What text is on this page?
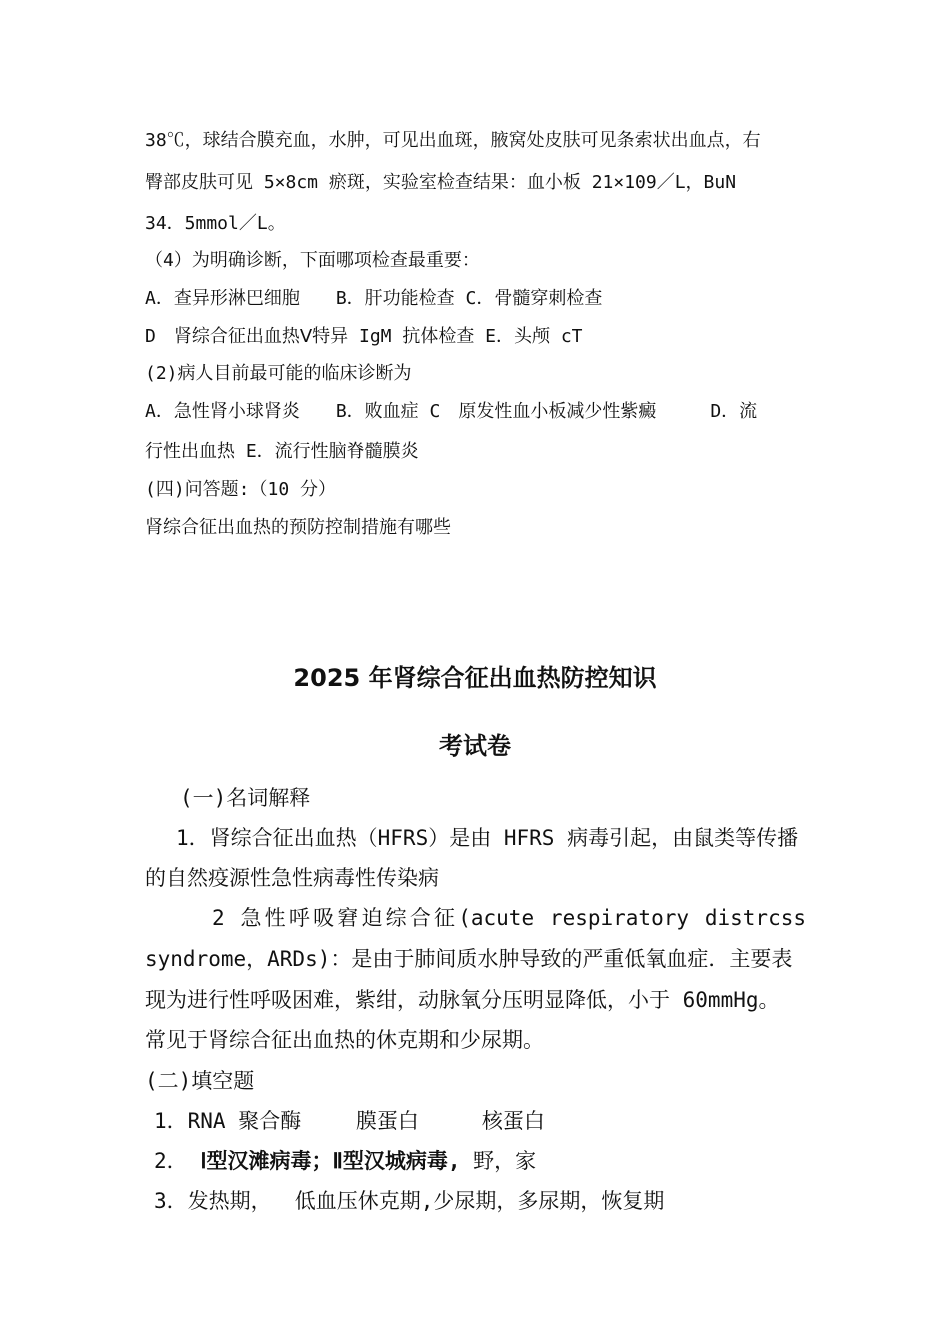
38℃，球结合膜充血，水肿，可见出血斑，腋窝处皮肤可见条索状出血点，右
臀部皮肤可见 5×8cm 瘀斑，实验室检查结果：血小板 21×109／L，BuN
34．5mmol／L。
（4）为明确诊断，下面哪项检查最重要：
A．查异形淋巴细胞　　B．肝功能检查 C．骨髓穿刺检查
D　肾综合征出血热Ⅴ特异 IgM 抗体检查 E．头颅 cT
(2)病人目前最可能的临床诊断为
A．急性肾小球肾炎　　B．败血症 C　原发性血小板减少性紫癜　　　D．流
行性出血热 E．流行性脑脊髓膜炎
(四)问答题:（10 分）
肾综合征出血热的预防控制措施有哪些
2025 年肾综合征出血热防控知识
考试卷
(一)名词解释
1．肾综合征出血热（HFRS）是由 HFRS 病毒引起，由鼠类等传播
的自然疫源性急性病毒性传染病
2 急性呼吸窘迫综合征(acute respiratory distrcss
syndrome，ARDs)：是由于肺间质水肿导致的严重低氧血症．主要表
现为进行性呼吸困难，紫绀，动脉氧分压明显降低，小于 60mmHg。
常见于肾综合征出血热的休克期和少尿期。
(二)填空题
1．RNA 聚合酶　　 膜蛋白　　　核蛋白
2． Ⅰ型汉滩病毒；Ⅱ型汉城病毒, 野，家
3．发热期，　 低血压休克期,少尿期，多尿期，恢复期
